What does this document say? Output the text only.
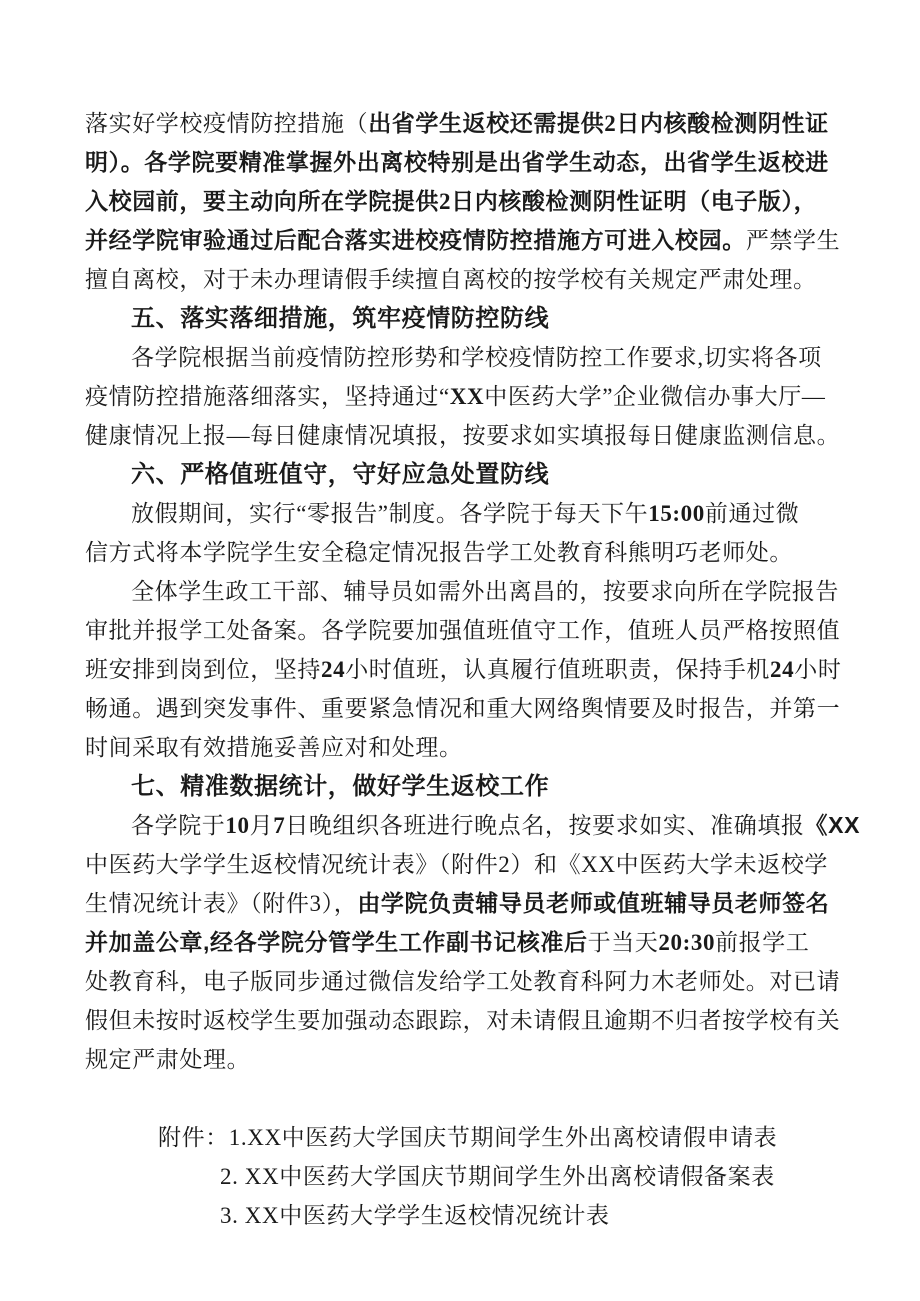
落实好学校疫情防控措施（出省学生返校还需提供2日内核酸检测阴性证
明）。各学院要精准掌握外出离校特别是出省学生动态，出省学生返校进
入校园前，要主动向所在学院提供2日内核酸检测阴性证明（电子版），
并经学院审验通过后配合落实进校疫情防控措施方可进入校园。严禁学生
擅自离校，对于未办理请假手续擅自离校的按学校有关规定严肃处理。
五、落实落细措施，筑牢疫情防控防线
各学院根据当前疫情防控形势和学校疫情防控工作要求,切实将各项
疫情防控措施落细落实，坚持通过“XX中医药大学”企业微信办事大厅—
健康情况上报—每日健康情况填报，按要求如实填报每日健康监测信息。
六、严格值班值守，守好应急处置防线
放假期间，实行“零报告”制度。各学院于每天下午15:00前通过微
信方式将本学院学生安全稳定情况报告学工处教育科熊明巧老师处。
全体学生政工干部、辅导员如需外出离昌的，按要求向所在学院报告
审批并报学工处备案。各学院要加强值班值守工作，值班人员严格按照值
班安排到岗到位，坚持24小时值班，认真履行值班职责，保持手机24小时
畅通。遇到突发事件、重要紧急情况和重大网络舆情要及时报告，并第一
时间采取有效措施妥善应对和处理。
七、精准数据统计，做好学生返校工作
各学院于10月7日晚组织各班进行晚点名，按要求如实、准确填报《XX
中医药大学学生返校情况统计表》（附件2）和《XX中医药大学未返校学
生情况统计表》（附件3），由学院负责辅导员老师或值班辅导员老师签名
并加盖公章,经各学院分管学生工作副书记核准后于当天20:30前报学工
处教育科，电子版同步通过微信发给学工处教育科阿力木老师处。对已请
假但未按时返校学生要加强动态跟踪，对未请假且逾期不归者按学校有关
规定严肃处理。
附件：1.XX中医药大学国庆节期间学生外出离校请假申请表
2. XX中医药大学国庆节期间学生外出离校请假备案表
3. XX中医药大学学生返校情况统计表
